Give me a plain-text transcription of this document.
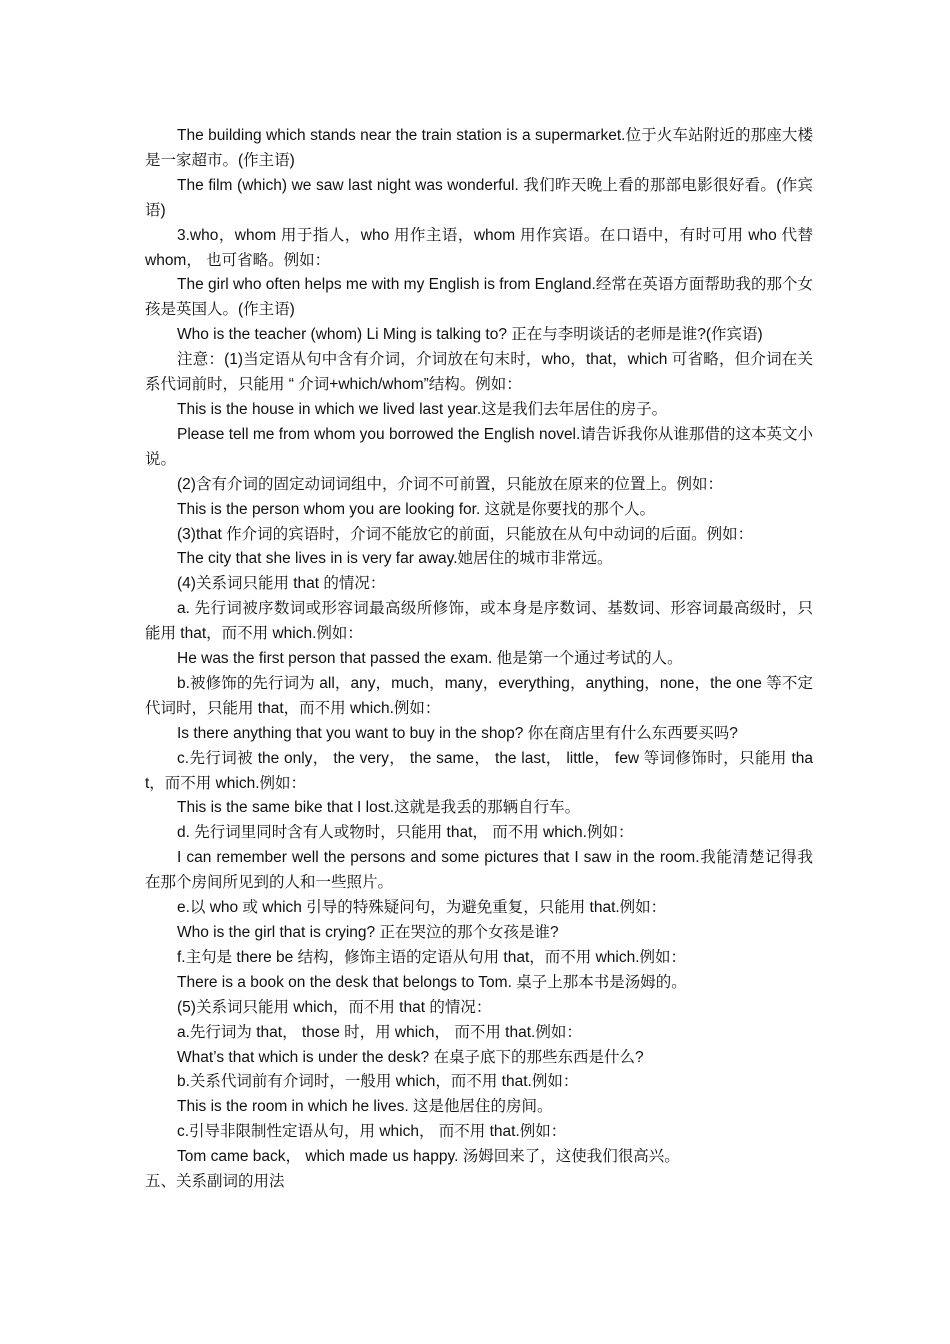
The building which stands near the train station is a supermarket.位于火车站附近的那座大楼是一家超市。(作主语)

The film (which) we saw last night was wonderful. 我们昨天晚上看的那部电影很好看。(作宾语)

3.who，whom 用于指人，who 用作主语，whom 用作宾语。在口语中，有时可用 who 代替 whom， 也可省略。例如：

The girl who often helps me with my English is from England.经常在英语方面帮助我的那个女孩是英国人。(作主语)

Who is the teacher (whom) Li Ming is talking to? 正在与李明谈话的老师是谁?(作宾语)

注意：(1)当定语从句中含有介词，介词放在句末时，who，that，which 可省略，但介词在关系代词前时，只能用 “ 介词+which/whom”结构。例如：

This is the house in which we lived last year.这是我们去年居住的房子。

Please tell me from whom you borrowed the English novel.请告诉我你从谁那借的这本英文小说。

(2)含有介词的固定动词词组中，介词不可前置，只能放在原来的位置上。例如：

This is the person whom you are looking for. 这就是你要找的那个人。

(3)that 作介词的宾语时，介词不能放它的前面，只能放在从句中动词的后面。例如：

The city that she lives in is very far away.她居住的城市非常远。

(4)关系词只能用 that 的情况：

a. 先行词被序数词或形容词最高级所修饰，或本身是序数词、基数词、形容词最高级时，只能用 that，而不用 which.例如：

He was the first person that passed the exam. 他是第一个通过考试的人。

b.被修饰的先行词为 all，any，much，many，everything，anything，none，the one 等不定代词时，只能用 that，而不用 which.例如：

Is there anything that you want to buy in the shop? 你在商店里有什么东西要买吗?

c.先行词被 the only， the very， the same， the last， little， few 等词修饰时，只能用 that，而不用 which.例如：

This is the same bike that I lost.这就是我丢的那辆自行车。

d. 先行词里同时含有人或物时，只能用 that， 而不用 which.例如：

I can remember well the persons and some pictures that I saw in the room.我能清楚记得我在那个房间所见到的人和一些照片。

e.以 who 或 which 引导的特殊疑问句，为避免重复，只能用 that.例如：

Who is the girl that is crying? 正在哭泣的那个女孩是谁?

f.主句是 there be 结构，修饰主语的定语从句用 that，而不用 which.例如：

There is a book on the desk that belongs to Tom. 桌子上那本书是汤姆的。

(5)关系词只能用 which，而不用 that 的情况：

a.先行词为 that， those 时，用 which， 而不用 that.例如：

What’s that which is under the desk? 在桌子底下的那些东西是什么?

b.关系代词前有介词时，一般用 which，而不用 that.例如：

This is the room in which he lives. 这是他居住的房间。

c.引导非限制性定语从句，用 which， 而不用 that.例如：

Tom came back， which made us happy. 汤姆回来了，这使我们很高兴。

五、关系副词的用法
